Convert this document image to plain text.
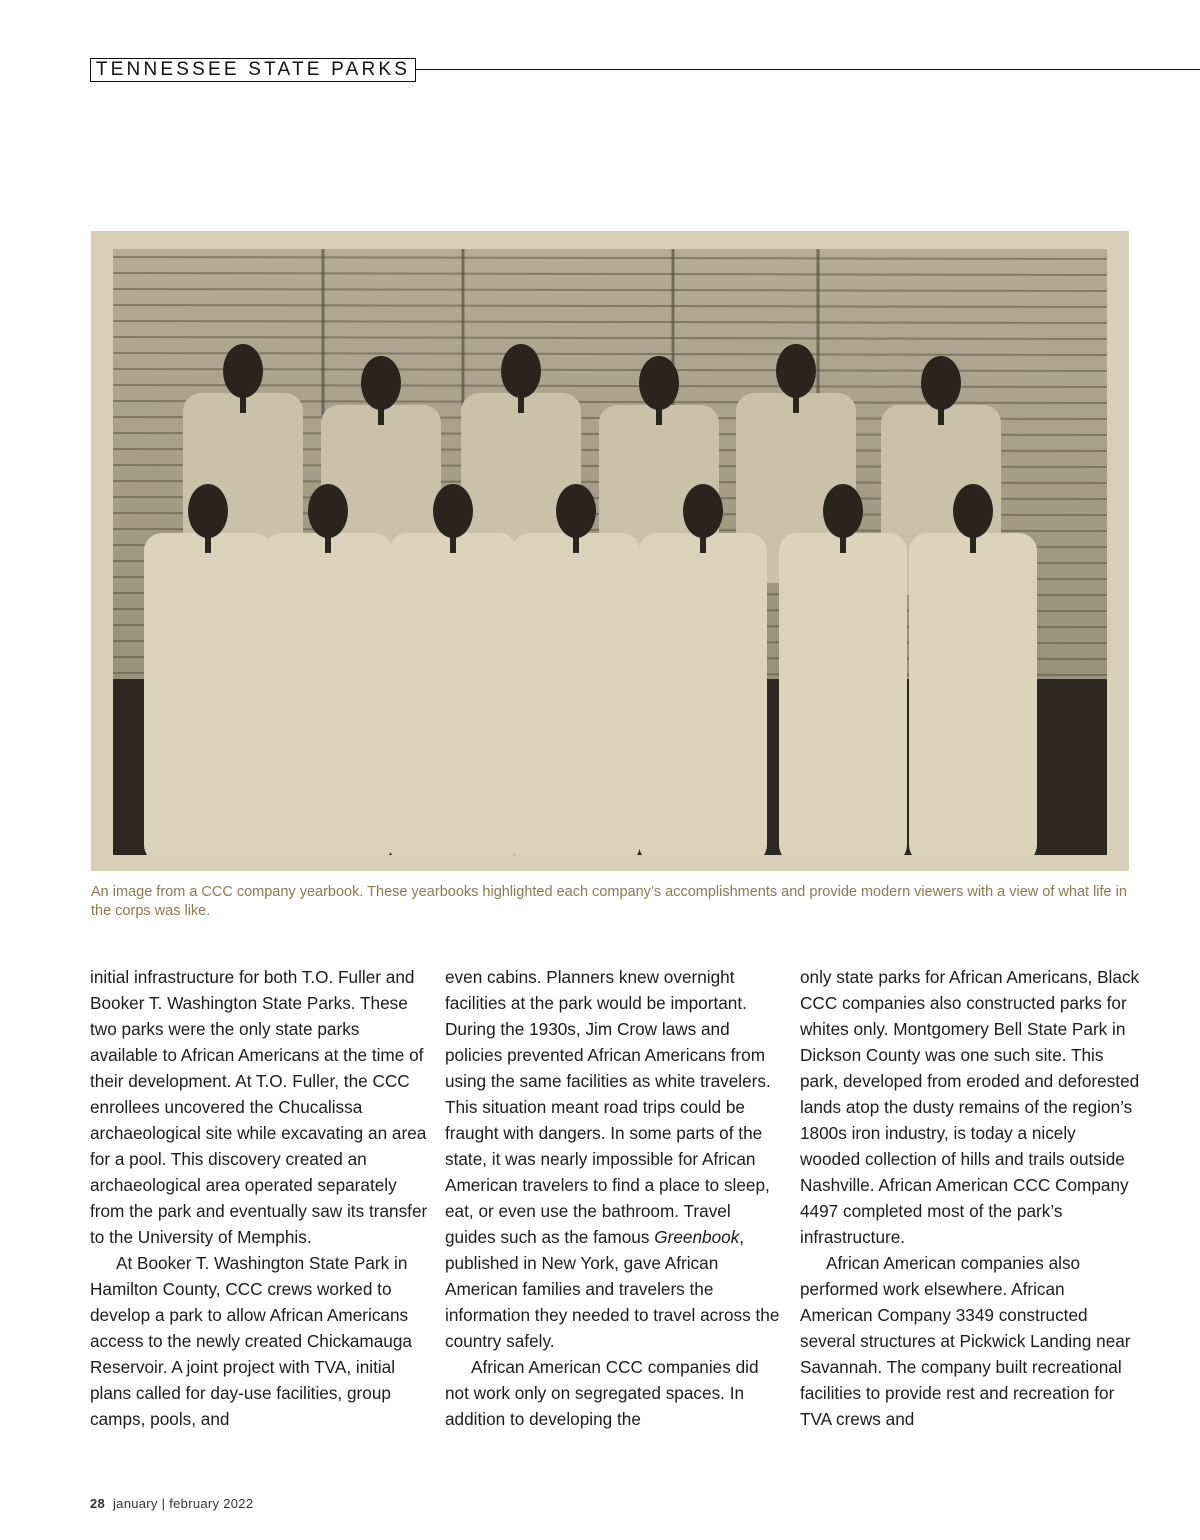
TENNESSEE STATE PARKS
An image from a CCC company yearbook. These yearbooks highlighted each company’s accomplishments and provide modern viewers with a view of what life in the corps was like.

initial infrastructure for both T.O. Fuller and Booker T. Washington State Parks. These two parks were the only state parks available to African Americans at the time of their development. At T.O. Fuller, the CCC enrollees uncovered the Chucalissa archaeological site while excavating an area for a pool. This discovery created an archaeological area operated separately from the park and eventually saw its transfer to the University of Memphis.

At Booker T. Washington State Park in Hamilton County, CCC crews worked to develop a park to allow African Americans access to the newly created Chickamauga Reservoir. A joint project with TVA, initial plans called for day-use facilities, group camps, pools, and

even cabins. Planners knew overnight facilities at the park would be important. During the 1930s, Jim Crow laws and policies prevented African Americans from using the same facilities as white travelers. This situation meant road trips could be fraught with dangers. In some parts of the state, it was nearly impossible for African American travelers to find a place to sleep, eat, or even use the bathroom. Travel guides such as the famous Greenbook, published in New York, gave African American families and travelers the information they needed to travel across the country safely.

African American CCC companies did not work only on segregated spaces. In addition to developing the

only state parks for African Americans, Black CCC companies also constructed parks for whites only. Montgomery Bell State Park in Dickson County was one such site. This park, developed from eroded and deforested lands atop the dusty remains of the region’s 1800s iron industry, is today a nicely wooded collection of hills and trails outside Nashville. African American CCC Company 4497 completed most of the park’s infrastructure.

African American companies also performed work elsewhere. African American Company 3349 constructed several structures at Pickwick Landing near Savannah. The company built recreational facilities to provide rest and recreation for TVA crews and

28 january | february 2022
